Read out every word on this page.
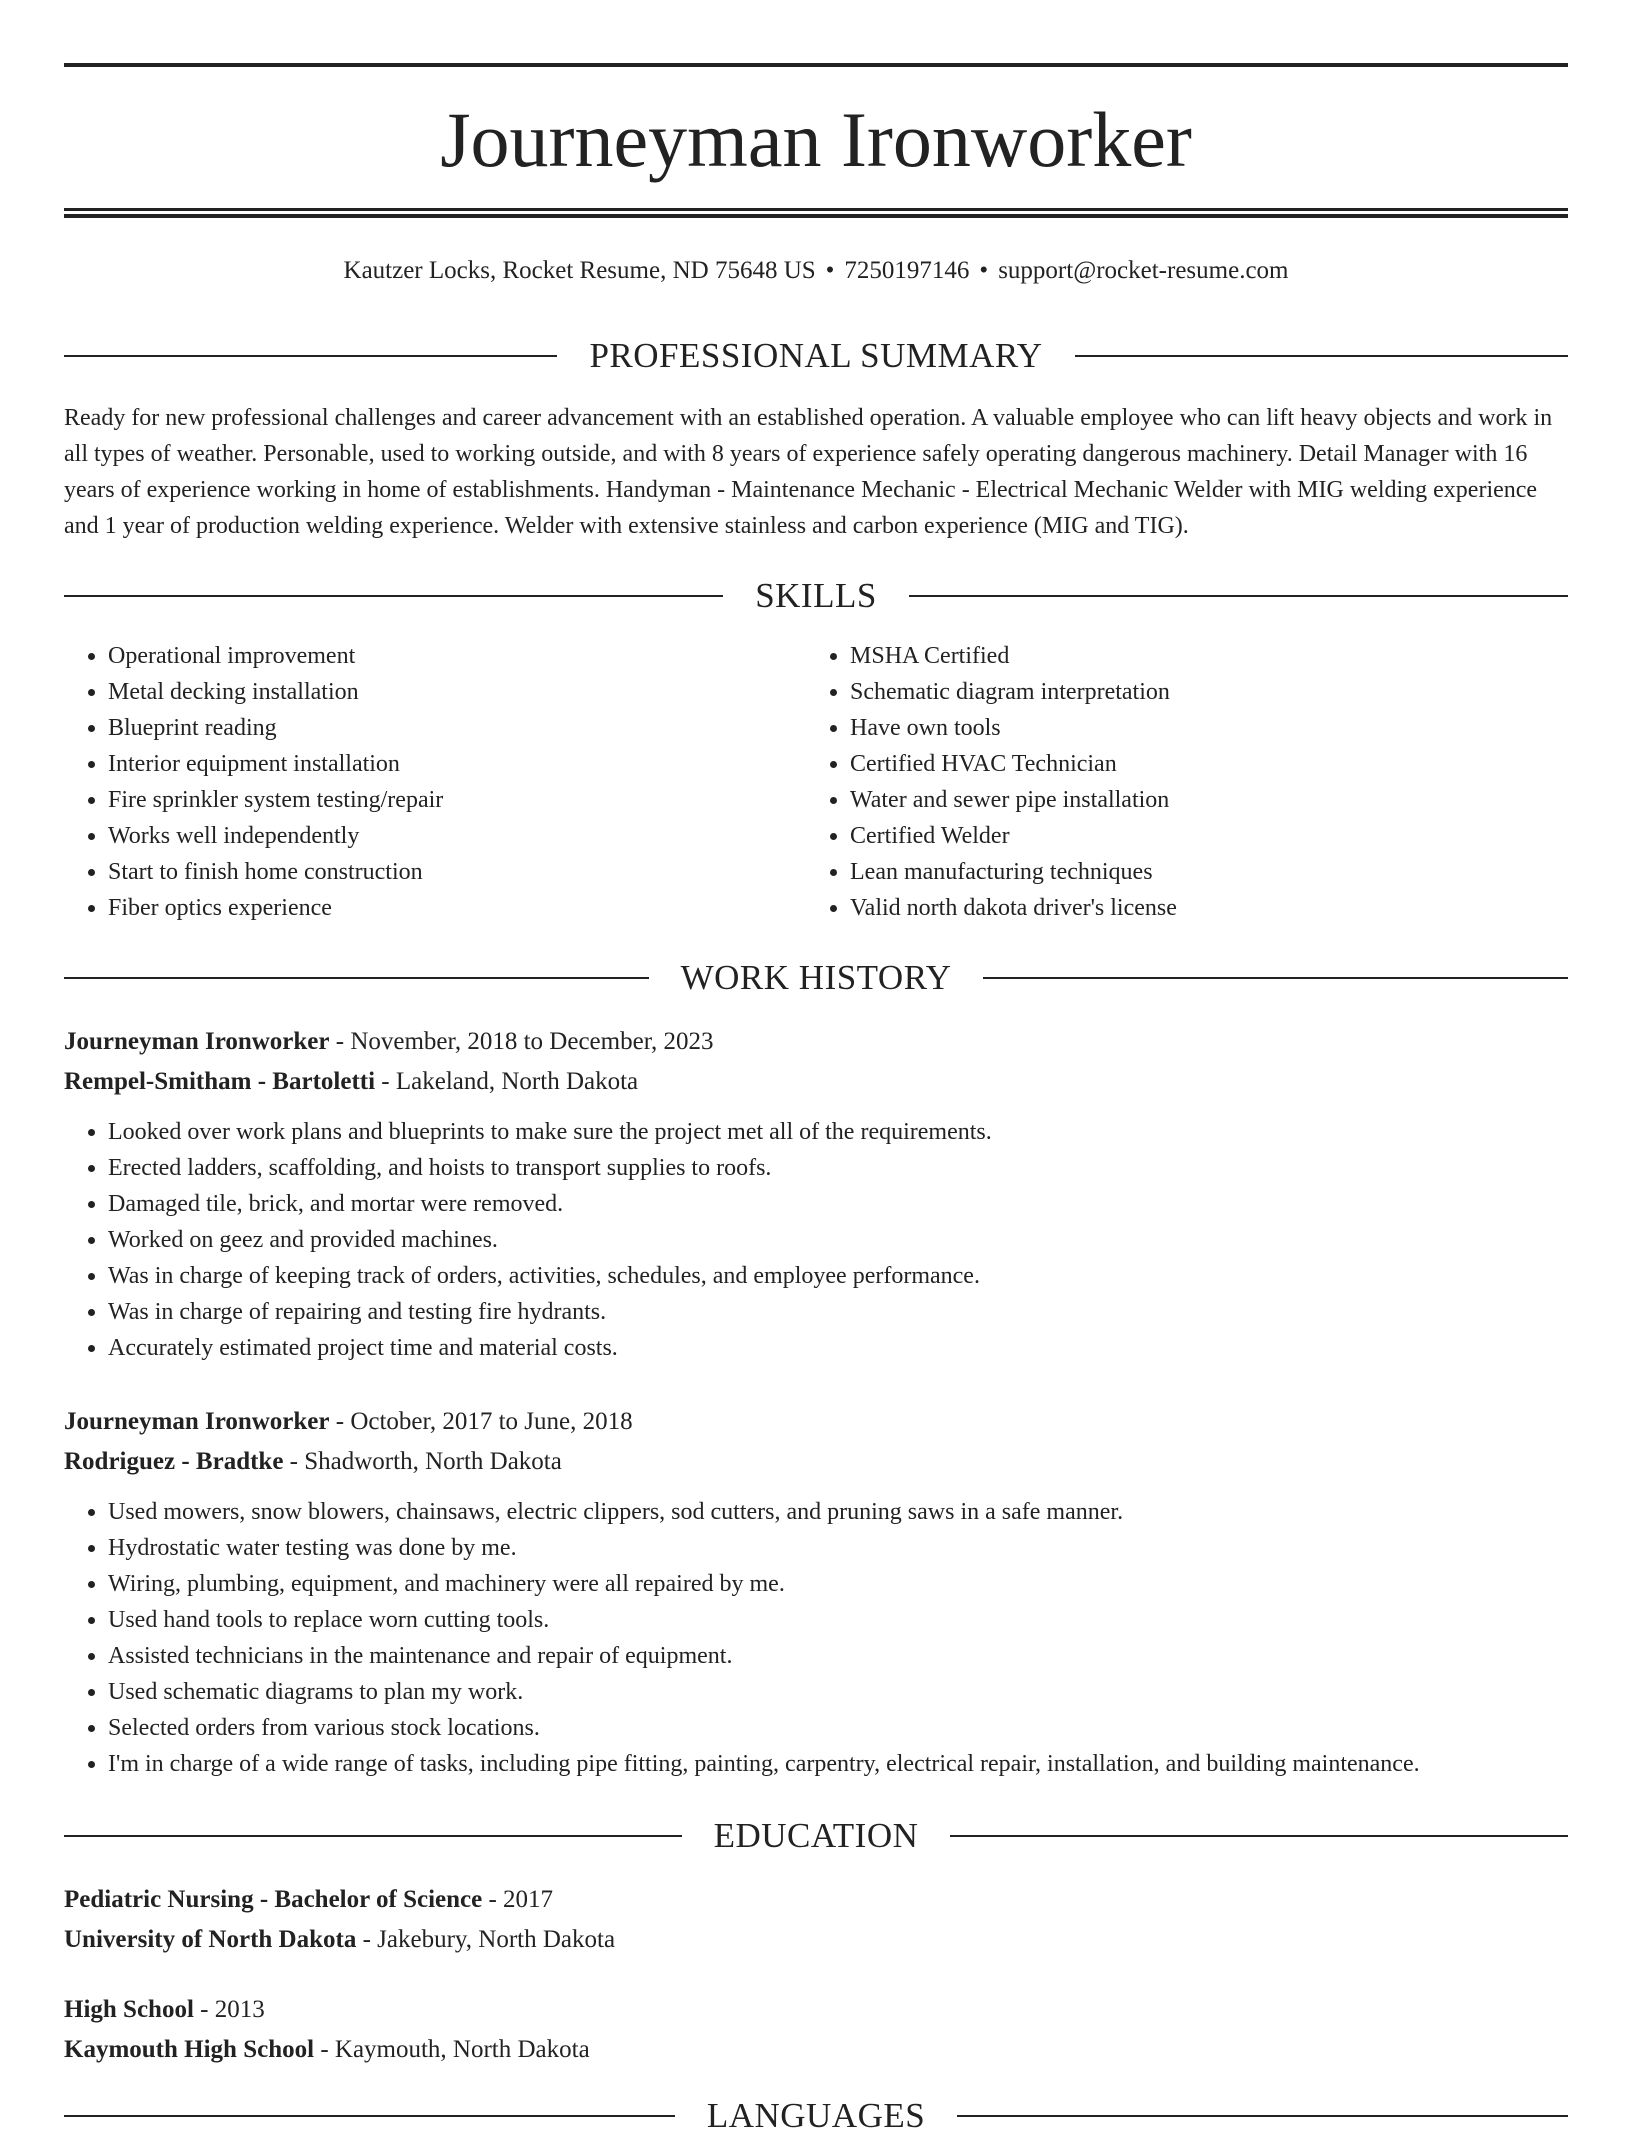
Journeyman Ironworker
Kautzer Locks, Rocket Resume, ND 75648 US • 7250197146 • support@rocket-resume.com
PROFESSIONAL SUMMARY

Ready for new professional challenges and career advancement with an established operation. A valuable employee who can lift heavy objects and work in all types of weather. Personable, used to working outside, and with 8 years of experience safely operating dangerous machinery. Detail Manager with 16 years of experience working in home of establishments. Handyman - Maintenance Mechanic - Electrical Mechanic Welder with MIG welding experience and 1 year of production welding experience. Welder with extensive stainless and carbon experience (MIG and TIG).

SKILLS
• Operational improvement
• Metal decking installation
• Blueprint reading
• Interior equipment installation
• Fire sprinkler system testing/repair
• Works well independently
• Start to finish home construction
• Fiber optics experience
• MSHA Certified
• Schematic diagram interpretation
• Have own tools
• Certified HVAC Technician
• Water and sewer pipe installation
• Certified Welder
• Lean manufacturing techniques
• Valid north dakota driver's license
WORK HISTORY
Journeyman Ironworker - November, 2018 to December, 2023
Rempel-Smitham - Bartoletti - Lakeland, North Dakota
• Looked over work plans and blueprints to make sure the project met all of the requirements.
• Erected ladders, scaffolding, and hoists to transport supplies to roofs.
• Damaged tile, brick, and mortar were removed.
• Worked on geez and provided machines.
• Was in charge of keeping track of orders, activities, schedules, and employee performance.
• Was in charge of repairing and testing fire hydrants.
• Accurately estimated project time and material costs.
Journeyman Ironworker - October, 2017 to June, 2018
Rodriguez - Bradtke - Shadworth, North Dakota
• Used mowers, snow blowers, chainsaws, electric clippers, sod cutters, and pruning saws in a safe manner.
• Hydrostatic water testing was done by me.
• Wiring, plumbing, equipment, and machinery were all repaired by me.
• Used hand tools to replace worn cutting tools.
• Assisted technicians in the maintenance and repair of equipment.
• Used schematic diagrams to plan my work.
• Selected orders from various stock locations.
• I'm in charge of a wide range of tasks, including pipe fitting, painting, carpentry, electrical repair, installation, and building maintenance.
EDUCATION
Pediatric Nursing - Bachelor of Science - 2017
University of North Dakota - Jakebury, North Dakota
High School - 2013
Kaymouth High School - Kaymouth, North Dakota
LANGUAGES
